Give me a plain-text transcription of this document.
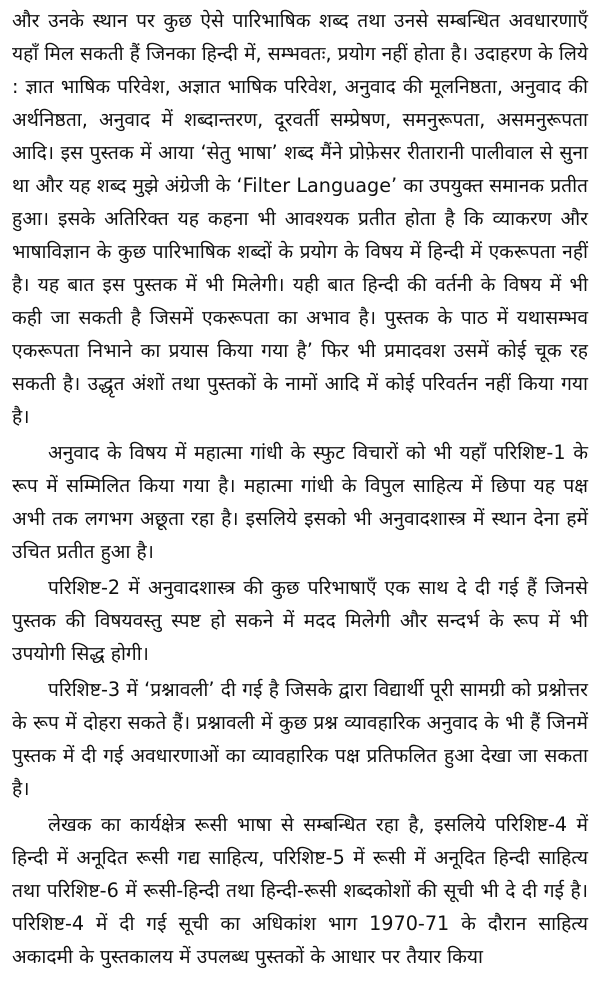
और उनके स्थान पर कुछ ऐसे पारिभाषिक शब्द तथा उनसे सम्बन्धित अवधारणाएँ यहाँ मिल सकती हैं जिनका हिन्दी में, सम्भवतः, प्रयोग नहीं होता है। उदाहरण के लिये : ज्ञात भाषिक परिवेश, अज्ञात भाषिक परिवेश, अनुवाद की मूलनिष्ठता, अनुवाद की अर्थनिष्ठता, अनुवाद में शब्दान्तरण, दूरवर्ती सम्प्रेषण, समनुरूपता, असमनुरूपता आदि। इस पुस्तक में आया ‘सेतु भाषा’ शब्द मैंने प्रोफ़ेसर रीतारानी पालीवाल से सुना था और यह शब्द मुझे अंग्रेजी के ‘Filter Language’ का उपयुक्त समानक प्रतीत हुआ। इसके अतिरिक्त यह कहना भी आवश्यक प्रतीत होता है कि व्याकरण और भाषाविज्ञान के कुछ पारिभाषिक शब्दों के प्रयोग के विषय में हिन्दी में एकरूपता नहीं है। यह बात इस पुस्तक में भी मिलेगी। यही बात हिन्दी की वर्तनी के विषय में भी कही जा सकती है जिसमें एकरूपता का अभाव है। पुस्तक के पाठ में यथासम्भव एकरूपता निभाने का प्रयास किया गया है’ फिर भी प्रमादवश उसमें कोई चूक रह सकती है। उद्धृत अंशों तथा पुस्तकों के नामों आदि में कोई परिवर्तन नहीं किया गया है।

अनुवाद के विषय में महात्मा गांधी के स्फुट विचारों को भी यहाँ परिशिष्ट-1 के रूप में सम्मिलित किया गया है। महात्मा गांधी के विपुल साहित्य में छिपा यह पक्ष अभी तक लगभग अछूता रहा है। इसलिये इसको भी अनुवादशास्त्र में स्थान देना हमें उचित प्रतीत हुआ है।

परिशिष्ट-2 में अनुवादशास्त्र की कुछ परिभाषाएँ एक साथ दे दी गई हैं जिनसे पुस्तक की विषयवस्तु स्पष्ट हो सकने में मदद मिलेगी और सन्दर्भ के रूप में भी उपयोगी सिद्ध होगी।

परिशिष्ट-3 में ‘प्रश्नावली’ दी गई है जिसके द्वारा विद्यार्थी पूरी सामग्री को प्रश्नोत्तर के रूप में दोहरा सकते हैं। प्रश्नावली में कुछ प्रश्न व्यावहारिक अनुवाद के भी हैं जिनमें पुस्तक में दी गई अवधारणाओं का व्यावहारिक पक्ष प्रतिफलित हुआ देखा जा सकता है।

लेखक का कार्यक्षेत्र रूसी भाषा से सम्बन्धित रहा है, इसलिये परिशिष्ट-4 में हिन्दी में अनूदित रूसी गद्य साहित्य, परिशिष्ट-5 में रूसी में अनूदित हिन्दी साहित्य तथा परिशिष्ट-6 में रूसी-हिन्दी तथा हिन्दी-रूसी शब्दकोशों की सूची भी दे दी गई है। परिशिष्ट-4 में दी गई सूची का अधिकांश भाग 1970-71 के दौरान साहित्य अकादमी के पुस्तकालय में उपलब्ध पुस्तकों के आधार पर तैयार किया
